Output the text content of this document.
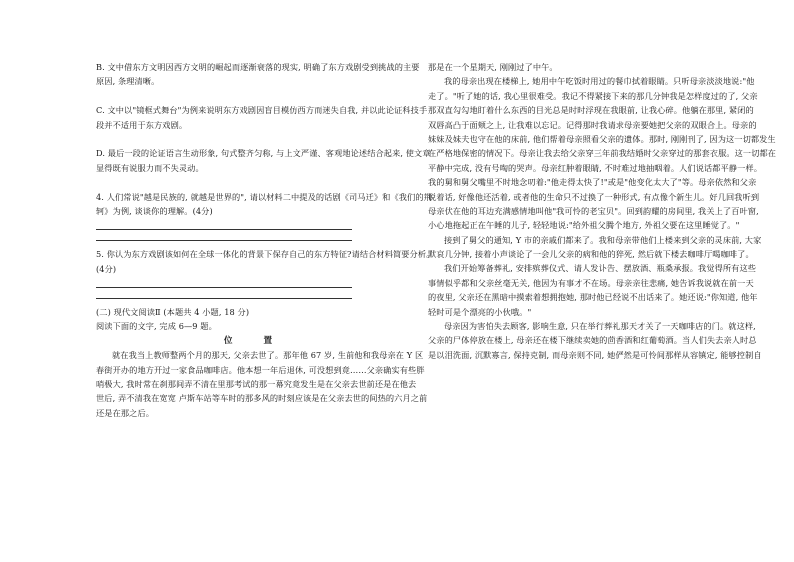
B. 文中借东方文明因西方文明的崛起而逐渐衰落的现实, 明确了东方戏剧受到挑战的主要
原因, 条理清晰。
C. 文中以"镜框式舞台"为例来说明东方戏剧因盲目模仿西方而迷失自我, 并以此论证科技手
段并不适用于东方戏剧。
D. 最后一段的论证语言生动形象, 句式整齐匀称, 与上文严谨、客观地论述结合起来, 使文章
显得既有说服力而不失灵动。
4. 人们常说"越是民族的, 就越是世界的", 请以材料二中提及的话剧《司马迁》和《我们的荆
轲》为例, 谈谈你的理解。(4分)
5. 你认为东方戏剧该如何在全球一体化的背景下保存自己的东方特征?请结合材料简要分析。
(4分)
(二) 现代文阅读Ⅱ (本题共 4 小题, 18 分)
阅读下面的文字, 完成 6—9 题。
位 置
就在我当上教师整两个月的那天, 父亲去世了。那年他 67 岁, 生前他和我母亲在 Y 区
春街开办的地方开过一家食品咖啡店。他本想一年后退休, 可没想到竟……父亲确实有些胖
哨极大, 我时常在刹那间弄不清在里那考试的那一幕究竟发生是在父亲去世前还是在他去
世后, 弄不清我在宽宽 卢斯车站等车时的那多风的时刻应该是在父亲去世的间热的六月之前
还是在那之后。
那是在一个星期天, 刚刚过了中午。
我的母亲出现在楼梯上, 她用中午吃饭时用过的餐巾拭着眼睛。只听母亲淡淡地说:"他
走了。"听了她的话, 我心里很难受。我记不得紧接下来的那几分钟我是怎样度过的了, 父亲
那双直勾勾地盯着什么东西的目光总是时时浮现在我眼前, 让我心碎。他躺在那里, 紧闭的
双唇高凸于面颊之上, 让我难以忘记。记得那时我请求母亲要她把父亲的双眼合上。母亲的
妹妹及妹夫也守在他的床前, 他们帮着母亲照看父亲的遗体。那时, 刚刚刊了, 因为这一切都发生
在严格地保密的情况下。母亲让我去给父亲穿三年前我结婚时父亲穿过的那套衣服。这一切都在
平静中完成, 没有号啕的哭声。母亲红肿着眼睛, 不时难过地抽咽着。人们说话都平静一样。
我的舅和舅父嘴里不时地念叨着:"他走得太快了!"或是"他变化太大了"等。母亲依然和父亲
说着话, 好像他还活着, 或者他的生命只不过换了一种形式, 有点像个新生儿。好几回我听到
母亲伏在他的耳边充满感情地叫他"我可怜的老宝贝"。回到韵耀的房间里, 我关上了百叶窗,
小心地拖起正在午睡的儿子, 轻轻地说:"给外祖父腾个地方, 外祖父要在这里睡觉了。"
接到了舅父的通知, Y 市的亲戚们都来了。我和母亲带他们上楼来到父亲的灵床前, 大家
默哀几分钟, 接着小声谈论了一会儿父亲的病和他的猝死, 然后就下楼去咖啡厅喝咖啡了。
我们开始筹备葬礼, 安排殡葬仪式、请人发讣告、摆放酒、瓶桑承报。我觉得所有这些
事情似乎都和父亲丝毫无关, 他因为有事才不在场。母亲亲往悲痛, 她告诉我说就在前一天
的夜里, 父亲还在黑暗中摸索着想拥抱她, 那时他已经说不出话来了。她还说:"你知道, 他年
轻时可是个漂亮的小伙哦。"
母亲因为害怕失去顾客, 影响生意, 只在举行葬礼那天才关了一天咖啡店的门。就这样,
父亲的尸体停放在楼上, 母亲还在楼下继续卖她的茴香酒和红葡萄酒。当人们失去亲人时总
是以泪洗面, 沉默寡言, 保持克制, 而母亲则不同, 她俨然是可怜间那样从容镇定, 能够控制自
